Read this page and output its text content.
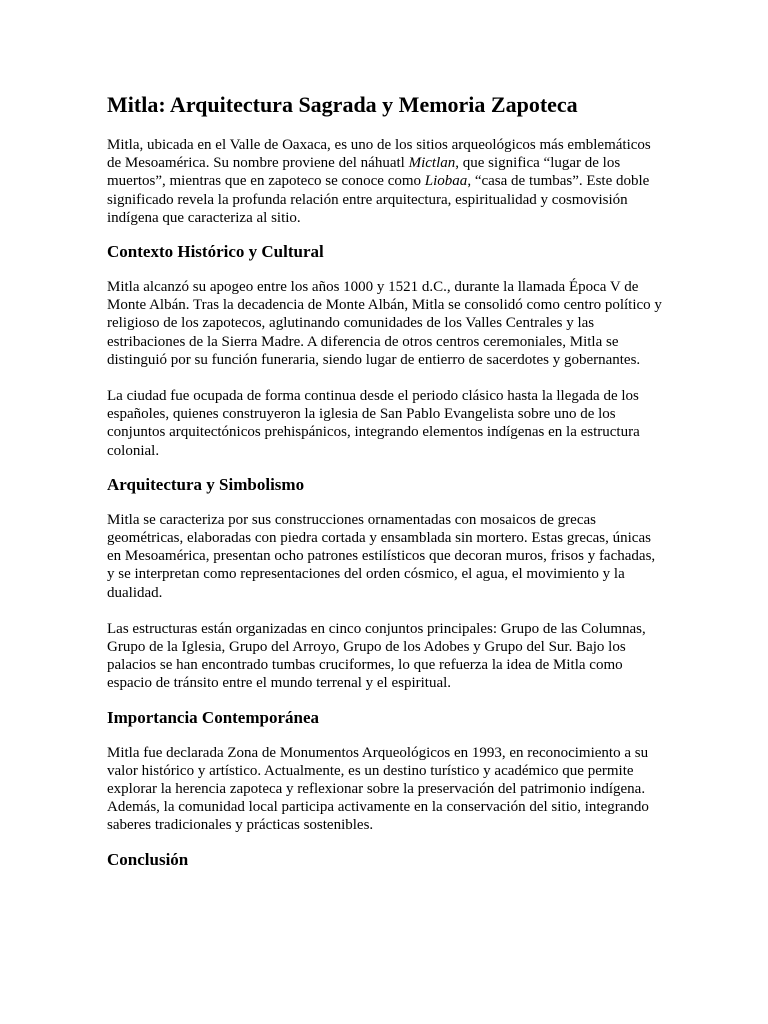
Mitla: Arquitectura Sagrada y Memoria Zapoteca

Mitla, ubicada en el Valle de Oaxaca, es uno de los sitios arqueológicos más emblemáticos de Mesoamérica. Su nombre proviene del náhuatl Mictlan, que significa “lugar de los muertos”, mientras que en zapoteco se conoce como Liobaa, “casa de tumbas”. Este doble significado revela la profunda relación entre arquitectura, espiritualidad y cosmovisión indígena que caracteriza al sitio.

Contexto Histórico y Cultural

Mitla alcanzó su apogeo entre los años 1000 y 1521 d.C., durante la llamada Época V de Monte Albán. Tras la decadencia de Monte Albán, Mitla se consolidó como centro político y religioso de los zapotecos, aglutinando comunidades de los Valles Centrales y las estribaciones de la Sierra Madre. A diferencia de otros centros ceremoniales, Mitla se distinguió por su función funeraria, siendo lugar de entierro de sacerdotes y gobernantes.

La ciudad fue ocupada de forma continua desde el periodo clásico hasta la llegada de los españoles, quienes construyeron la iglesia de San Pablo Evangelista sobre uno de los conjuntos arquitectónicos prehispánicos, integrando elementos indígenas en la estructura colonial.

Arquitectura y Simbolismo

Mitla se caracteriza por sus construcciones ornamentadas con mosaicos de grecas geométricas, elaboradas con piedra cortada y ensamblada sin mortero. Estas grecas, únicas en Mesoamérica, presentan ocho patrones estilísticos que decoran muros, frisos y fachadas, y se interpretan como representaciones del orden cósmico, el agua, el movimiento y la dualidad.

Las estructuras están organizadas en cinco conjuntos principales: Grupo de las Columnas, Grupo de la Iglesia, Grupo del Arroyo, Grupo de los Adobes y Grupo del Sur. Bajo los palacios se han encontrado tumbas cruciformes, lo que refuerza la idea de Mitla como espacio de tránsito entre el mundo terrenal y el espiritual.

Importancia Contemporánea

Mitla fue declarada Zona de Monumentos Arqueológicos en 1993, en reconocimiento a su valor histórico y artístico. Actualmente, es un destino turístico y académico que permite explorar la herencia zapoteca y reflexionar sobre la preservación del patrimonio indígena. Además, la comunidad local participa activamente en la conservación del sitio, integrando saberes tradicionales y prácticas sostenibles.

Conclusión
